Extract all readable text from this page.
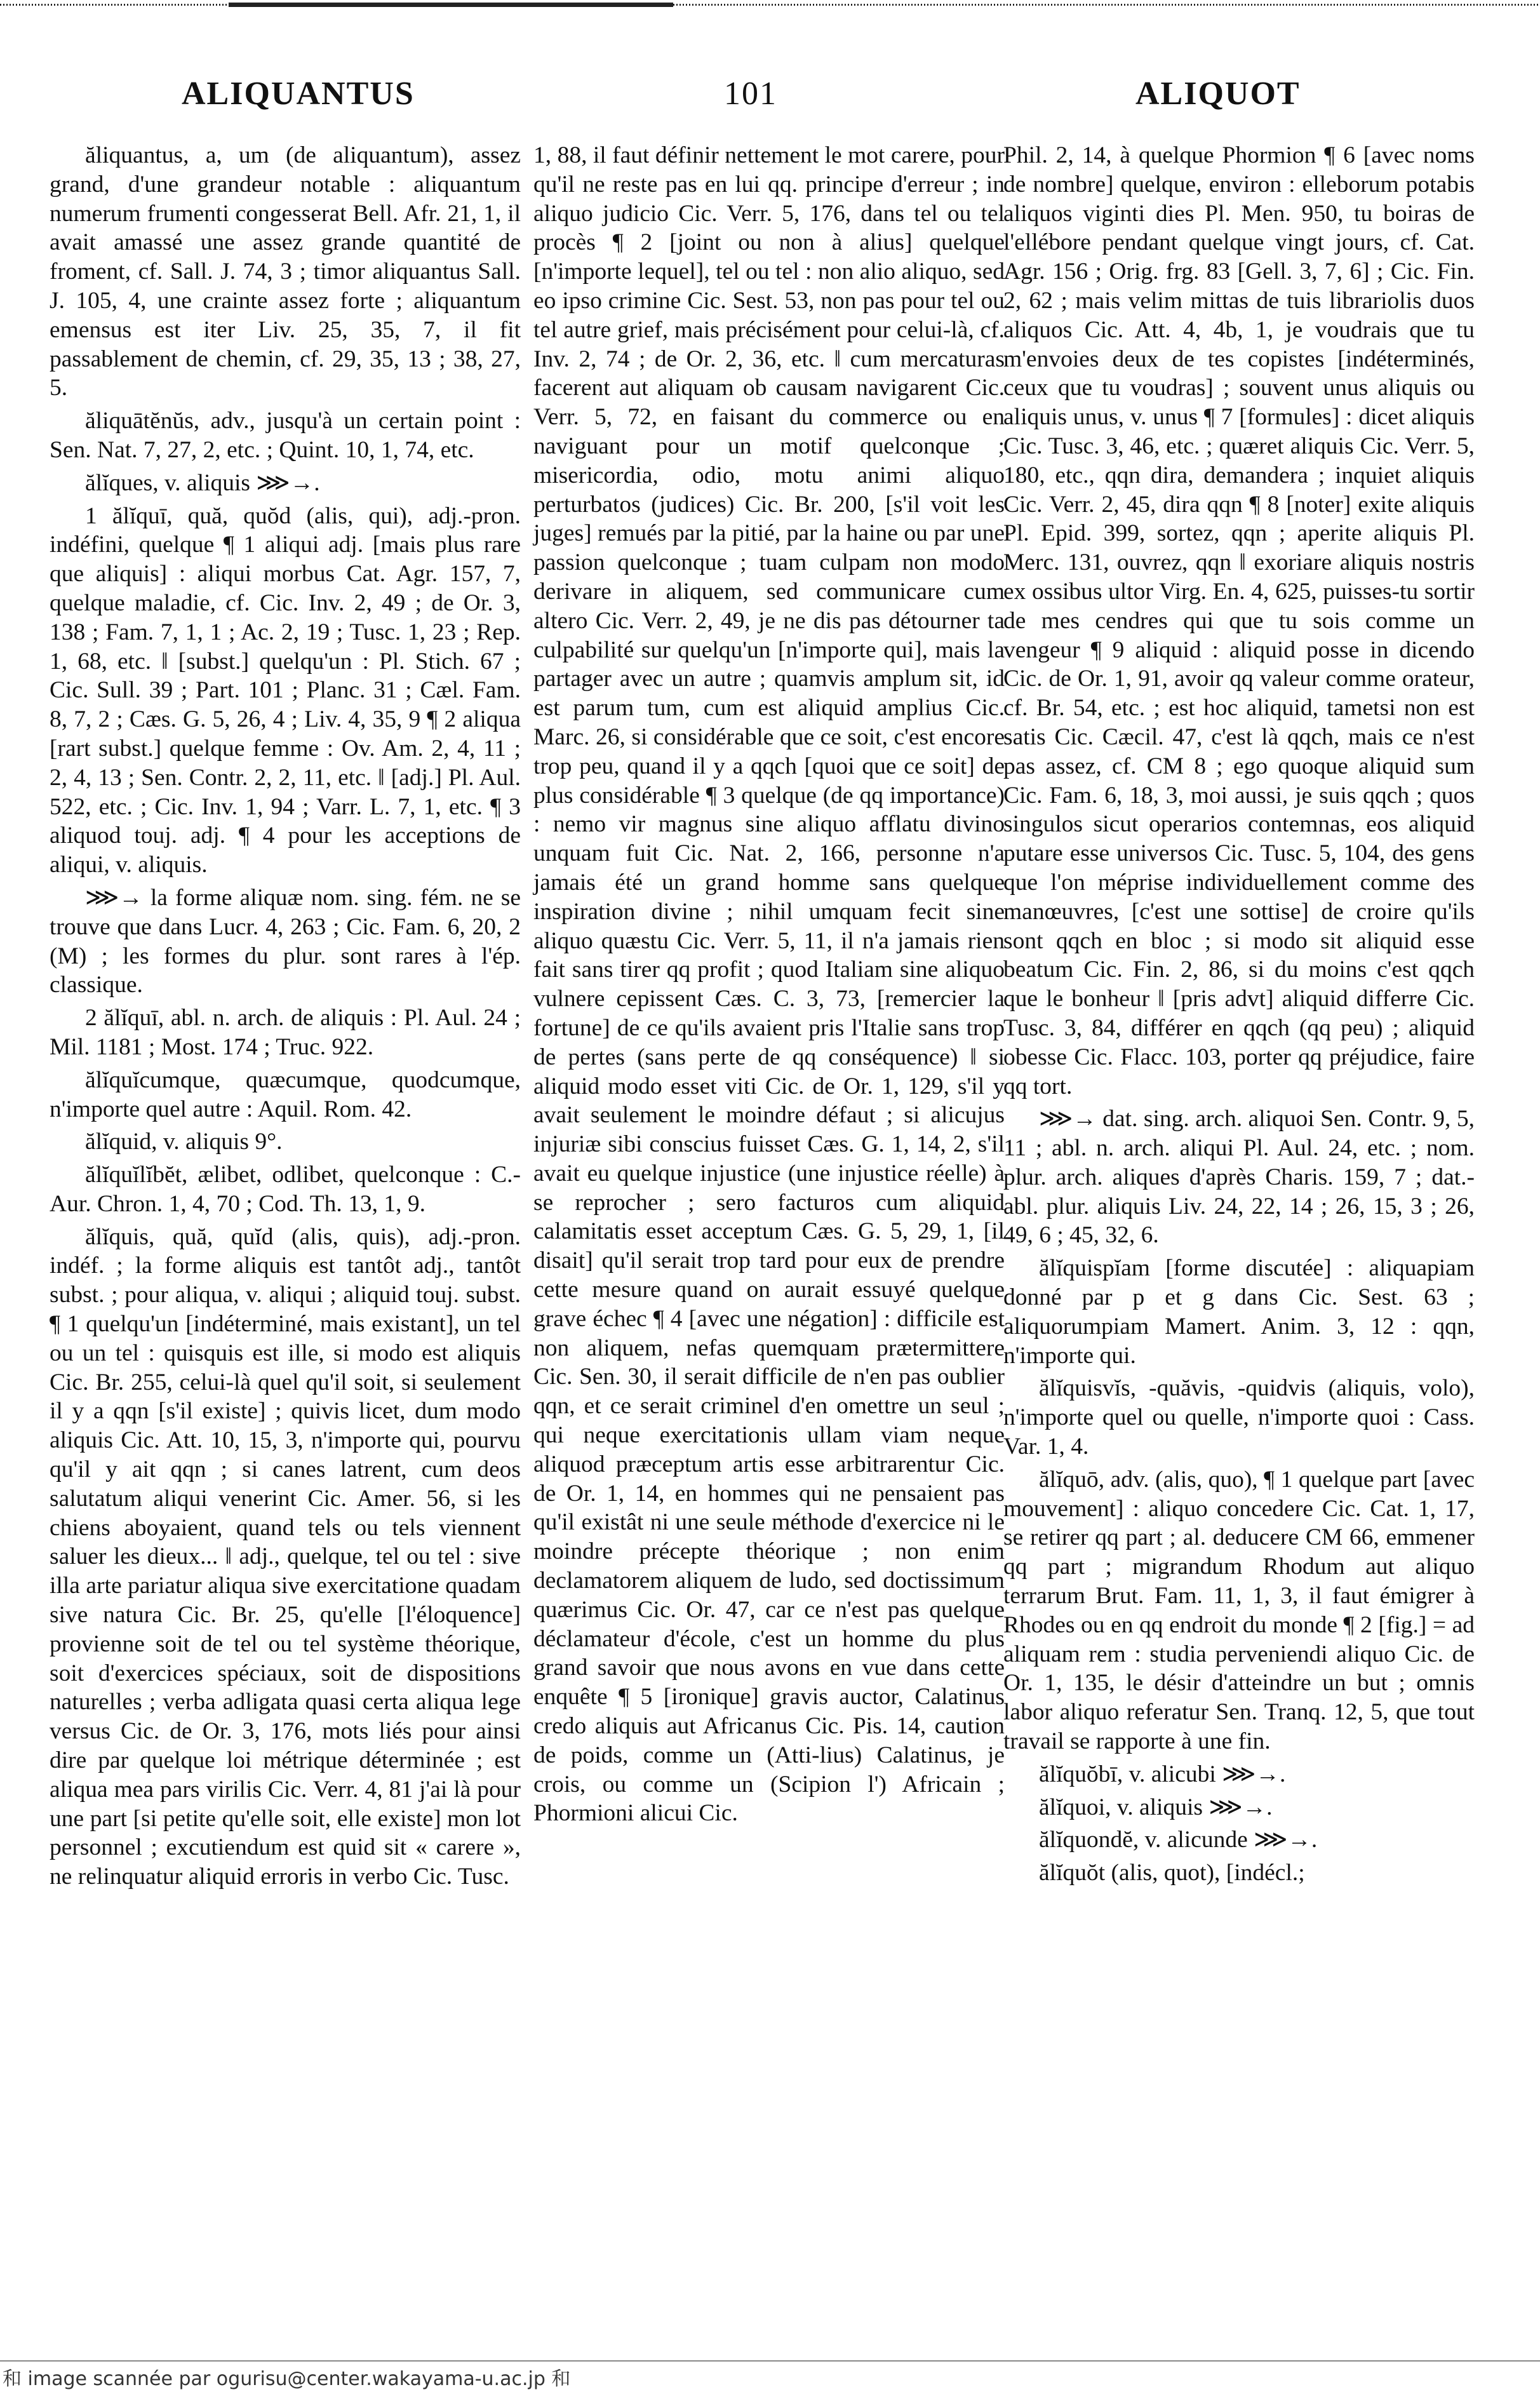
ALIQUANTUS	101	ALIQUOT

ăliquantus, a, um (de aliquantum), assez grand, d'une grandeur notable : aliquantum numerum frumenti congesserat Bell. Afr. 21, 1, il avait amassé une assez grande quantité de froment, cf. Sall. J. 74, 3 ; timor aliquantus Sall. J. 105, 4, une crainte assez forte ; aliquantum emensus est iter Liv. 25, 35, 7, il fit passablement de chemin, cf. 29, 35, 13 ; 38, 27, 5.

ăliquātĕnŭs, adv., jusqu'à un certain point : Sen. Nat. 7, 27, 2, etc. ; Quint. 10, 1, 74, etc.

ălĭques, v. aliquis ⋙→.

1 ălĭquī, quă, quŏd (alis, qui), adj.-pron. indéfini, quelque ¶ 1 aliqui adj. [mais plus rare que aliquis] : aliqui morbus Cat. Agr. 157, 7, quelque maladie, cf. Cic. Inv. 2, 49 ; de Or. 3, 138 ; Fam. 7, 1, 1 ; Ac. 2, 19 ; Tusc. 1, 23 ; Rep. 1, 68, etc. ‖ [subst.] quelqu'un : Pl. Stich. 67 ; Cic. Sull. 39 ; Part. 101 ; Planc. 31 ; Cæl. Fam. 8, 7, 2 ; Cæs. G. 5, 26, 4 ; Liv. 4, 35, 9 ¶ 2 aliqua [rart subst.] quelque femme : Ov. Am. 2, 4, 11 ; 2, 4, 13 ; Sen. Contr. 2, 2, 11, etc. ‖ [adj.] Pl. Aul. 522, etc. ; Cic. Inv. 1, 94 ; Varr. L. 7, 1, etc. ¶ 3 aliquod touj. adj. ¶ 4 pour les acceptions de aliqui, v. aliquis.

⋙→ la forme aliquæ nom. sing. fém. ne se trouve que dans Lucr. 4, 263 ; Cic. Fam. 6, 20, 2 (M) ; les formes du plur. sont rares à l'ép. classique.

2 ălĭquī, abl. n. arch. de aliquis : Pl. Aul. 24 ; Mil. 1181 ; Most. 174 ; Truc. 922.

ălĭquĭcumque, quæcumque, quodcumque, n'importe quel autre : Aquil. Rom. 42.

ălĭquid, v. aliquis 9°.

ălĭquĭlĭbĕt, ælibet, odlibet, quelconque : C.-Aur. Chron. 1, 4, 70 ; Cod. Th. 13, 1, 9.

ălĭquis, quă, quĭd (alis, quis), adj.-pron. indéf. ; la forme aliquis est tantôt adj., tantôt subst. ; pour aliqua, v. aliqui ; aliquid touj. subst. ¶ 1 quelqu'un [indéterminé, mais existant], un tel ou un tel : quisquis est ille, si modo est aliquis Cic. Br. 255, celui-là quel qu'il soit, si seulement il y a qqn [s'il existe] ; quivis licet, dum modo aliquis Cic. Att. 10, 15, 3, n'importe qui, pourvu qu'il y ait qqn ; si canes latrent, cum deos salutatum aliqui venerint Cic. Amer. 56, si les chiens aboyaient, quand tels ou tels viennent saluer les dieux... ‖ adj., quelque, tel ou tel : sive illa arte pariatur aliqua sive exercitatione quadam sive natura Cic. Br. 25, qu'elle [l'éloquence] provienne soit de tel ou tel système théorique, soit d'exercices spéciaux, soit de dispositions naturelles ; verba adligata quasi certa aliqua lege versus Cic. de Or. 3, 176, mots liés pour ainsi dire par quelque loi métrique déterminée ; est aliqua mea pars virilis Cic. Verr. 4, 81 j'ai là pour une part [si petite qu'elle soit, elle existe] mon lot personnel ; excutiendum est quid sit « carere », ne relinquatur aliquid erroris in verbo Cic. Tusc.

1, 88, il faut définir nettement le mot carere, pour qu'il ne reste pas en lui qq. principe d'erreur ; in aliquo judicio Cic. Verr. 5, 176, dans tel ou tel procès ¶ 2 [joint ou non à alius] quelque [n'importe lequel], tel ou tel : non alio aliquo, sed eo ipso crimine Cic. Sest. 53, non pas pour tel ou tel autre grief, mais précisément pour celui-là, cf. Inv. 2, 74 ; de Or. 2, 36, etc. ‖ cum mercaturas facerent aut aliquam ob causam navigarent Cic. Verr. 5, 72, en faisant du commerce ou en naviguant pour un motif quelconque ; misericordia, odio, motu animi aliquo perturbatos (judices) Cic. Br. 200, [s'il voit les juges] remués par la pitié, par la haine ou par une passion quelconque ; tuam culpam non modo derivare in aliquem, sed communicare cum altero Cic. Verr. 2, 49, je ne dis pas détourner ta culpabilité sur quelqu'un [n'importe qui], mais la partager avec un autre ; quamvis amplum sit, id est parum tum, cum est aliquid amplius Cic. Marc. 26, si considérable que ce soit, c'est encore trop peu, quand il y a qqch [quoi que ce soit] de plus considérable ¶ 3 quelque (de qq importance) : nemo vir magnus sine aliquo afflatu divino unquam fuit Cic. Nat. 2, 166, personne n'a jamais été un grand homme sans quelque inspiration divine ; nihil umquam fecit sine aliquo quæstu Cic. Verr. 5, 11, il n'a jamais rien fait sans tirer qq profit ; quod Italiam sine aliquo vulnere cepissent Cæs. C. 3, 73, [remercier la fortune] de ce qu'ils avaient pris l'Italie sans trop de pertes (sans perte de qq conséquence) ‖ si aliquid modo esset viti Cic. de Or. 1, 129, s'il y avait seulement le moindre défaut ; si alicujus injuriæ sibi conscius fuisset Cæs. G. 1, 14, 2, s'il avait eu quelque injustice (une injustice réelle) à se reprocher ; sero facturos cum aliquid calamitatis esset acceptum Cæs. G. 5, 29, 1, [il disait] qu'il serait trop tard pour eux de prendre cette mesure quand on aurait essuyé quelque grave échec ¶ 4 [avec une négation] : difficile est non aliquem, nefas quemquam prætermittere Cic. Sen. 30, il serait difficile de n'en pas oublier qqn, et ce serait criminel d'en omettre un seul ; qui neque exercitationis ullam viam neque aliquod præceptum artis esse arbitrarentur Cic. de Or. 1, 14, en hommes qui ne pensaient pas qu'il existât ni une seule méthode d'exercice ni le moindre précepte théorique ; non enim declamatorem aliquem de ludo, sed doctissimum quærimus Cic. Or. 47, car ce n'est pas quelque déclamateur d'école, c'est un homme du plus grand savoir que nous avons en vue dans cette enquête ¶ 5 [ironique] gravis auctor, Calatinus credo aliquis aut Africanus Cic. Pis. 14, caution de poids, comme un (Atti-lius) Calatinus, je crois, ou comme un (Scipion l') Africain ; Phormioni alicui Cic.

Phil. 2, 14, à quelque Phormion ¶ 6 [avec noms de nombre] quelque, environ : elleborum potabis aliquos viginti dies Pl. Men. 950, tu boiras de l'ellébore pendant quelque vingt jours, cf. Cat. Agr. 156 ; Orig. frg. 83 [Gell. 3, 7, 6] ; Cic. Fin. 2, 62 ; mais velim mittas de tuis librariolis duos aliquos Cic. Att. 4, 4b, 1, je voudrais que tu m'envoies deux de tes copistes [indéterminés, ceux que tu voudras] ; souvent unus aliquis ou aliquis unus, v. unus ¶ 7 [formules] : dicet aliquis Cic. Tusc. 3, 46, etc. ; quæret aliquis Cic. Verr. 5, 180, etc., qqn dira, demandera ; inquiet aliquis Cic. Verr. 2, 45, dira qqn ¶ 8 [noter] exite aliquis Pl. Epid. 399, sortez, qqn ; aperite aliquis Pl. Merc. 131, ouvrez, qqn ‖ exoriare aliquis nostris ex ossibus ultor Virg. En. 4, 625, puisses-tu sortir de mes cendres qui que tu sois comme un vengeur ¶ 9 aliquid : aliquid posse in dicendo Cic. de Or. 1, 91, avoir qq valeur comme orateur, cf. Br. 54, etc. ; est hoc aliquid, tametsi non est satis Cic. Cæcil. 47, c'est là qqch, mais ce n'est pas assez, cf. CM 8 ; ego quoque aliquid sum Cic. Fam. 6, 18, 3, moi aussi, je suis qqch ; quos singulos sicut operarios contemnas, eos aliquid putare esse universos Cic. Tusc. 5, 104, des gens que l'on méprise individuellement comme des manœuvres, [c'est une sottise] de croire qu'ils sont qqch en bloc ; si modo sit aliquid esse beatum Cic. Fin. 2, 86, si du moins c'est qqch que le bonheur ‖ [pris advt] aliquid differre Cic. Tusc. 3, 84, différer en qqch (qq peu) ; aliquid obesse Cic. Flacc. 103, porter qq préjudice, faire qq tort.

⋙→ dat. sing. arch. aliquoi Sen. Contr. 9, 5, 11 ; abl. n. arch. aliqui Pl. Aul. 24, etc. ; nom. plur. arch. aliques d'après Charis. 159, 7 ; dat.-abl. plur. aliquis Liv. 24, 22, 14 ; 26, 15, 3 ; 26, 49, 6 ; 45, 32, 6.

ălĭquispĭam [forme discutée] : aliquapiam donné par p et g dans Cic. Sest. 63 ; aliquorumpiam Mamert. Anim. 3, 12 : qqn, n'importe qui.

ălĭquisvĭs, -quăvis, -quidvis (aliquis, volo), n'importe quel ou quelle, n'importe quoi : Cass. Var. 1, 4.

ălĭquō, adv. (alis, quo), ¶ 1 quelque part [avec mouvement] : aliquo concedere Cic. Cat. 1, 17, se retirer qq part ; al. deducere CM 66, emmener qq part ; migrandum Rhodum aut aliquo terrarum Brut. Fam. 11, 1, 3, il faut émigrer à Rhodes ou en qq endroit du monde ¶ 2 [fig.] = ad aliquam rem : studia perveniendi aliquo Cic. de Or. 1, 135, le désir d'atteindre un but ; omnis labor aliquo referatur Sen. Tranq. 12, 5, que tout travail se rapporte à une fin.

ălĭquŏbī, v. alicubi ⋙→.

ălĭquoi, v. aliquis ⋙→.

ălĭquondĕ, v. alicunde ⋙→.

ălĭquŏt (alis, quot), [indécl.;

和 image scannée par ogurisu@center.wakayama-u.ac.jp 和
